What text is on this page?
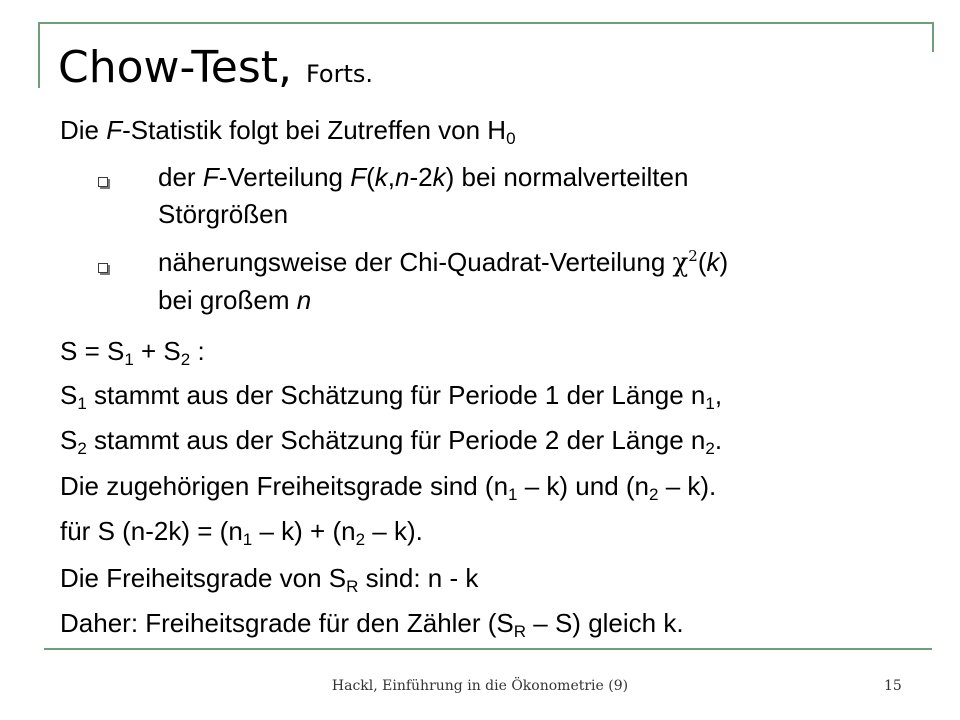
Chow-Test, Forts.

Die F-Statistik folgt bei Zutreffen von $H_0$

der F-Verteilung F(k,n-2k) bei normalverteilten

Störgrößen

näherungsweise der Chi-Quadrat-Verteilung $\chi^2(k)$

bei großem n

$S = S_1 + S_2$ :

$S_1$ stammt aus der Schätzung für Periode 1 der Länge $n_1$,

$S_2$ stammt aus der Schätzung für Periode 2 der Länge $n_2$.

Die zugehörigen Freiheitsgrade sind $(n_1 - k)$ und $(n_2 - k)$.

für S $(n-2k) = (n_1 - k) + (n_2 - k)$.

Die Freiheitsgrade von $S_R$ sind: n - k

Daher: Freiheitsgrade für den Zähler $(S_R - S)$ gleich k.

Hackl, Einführung in die Ökonometrie (9)	15
